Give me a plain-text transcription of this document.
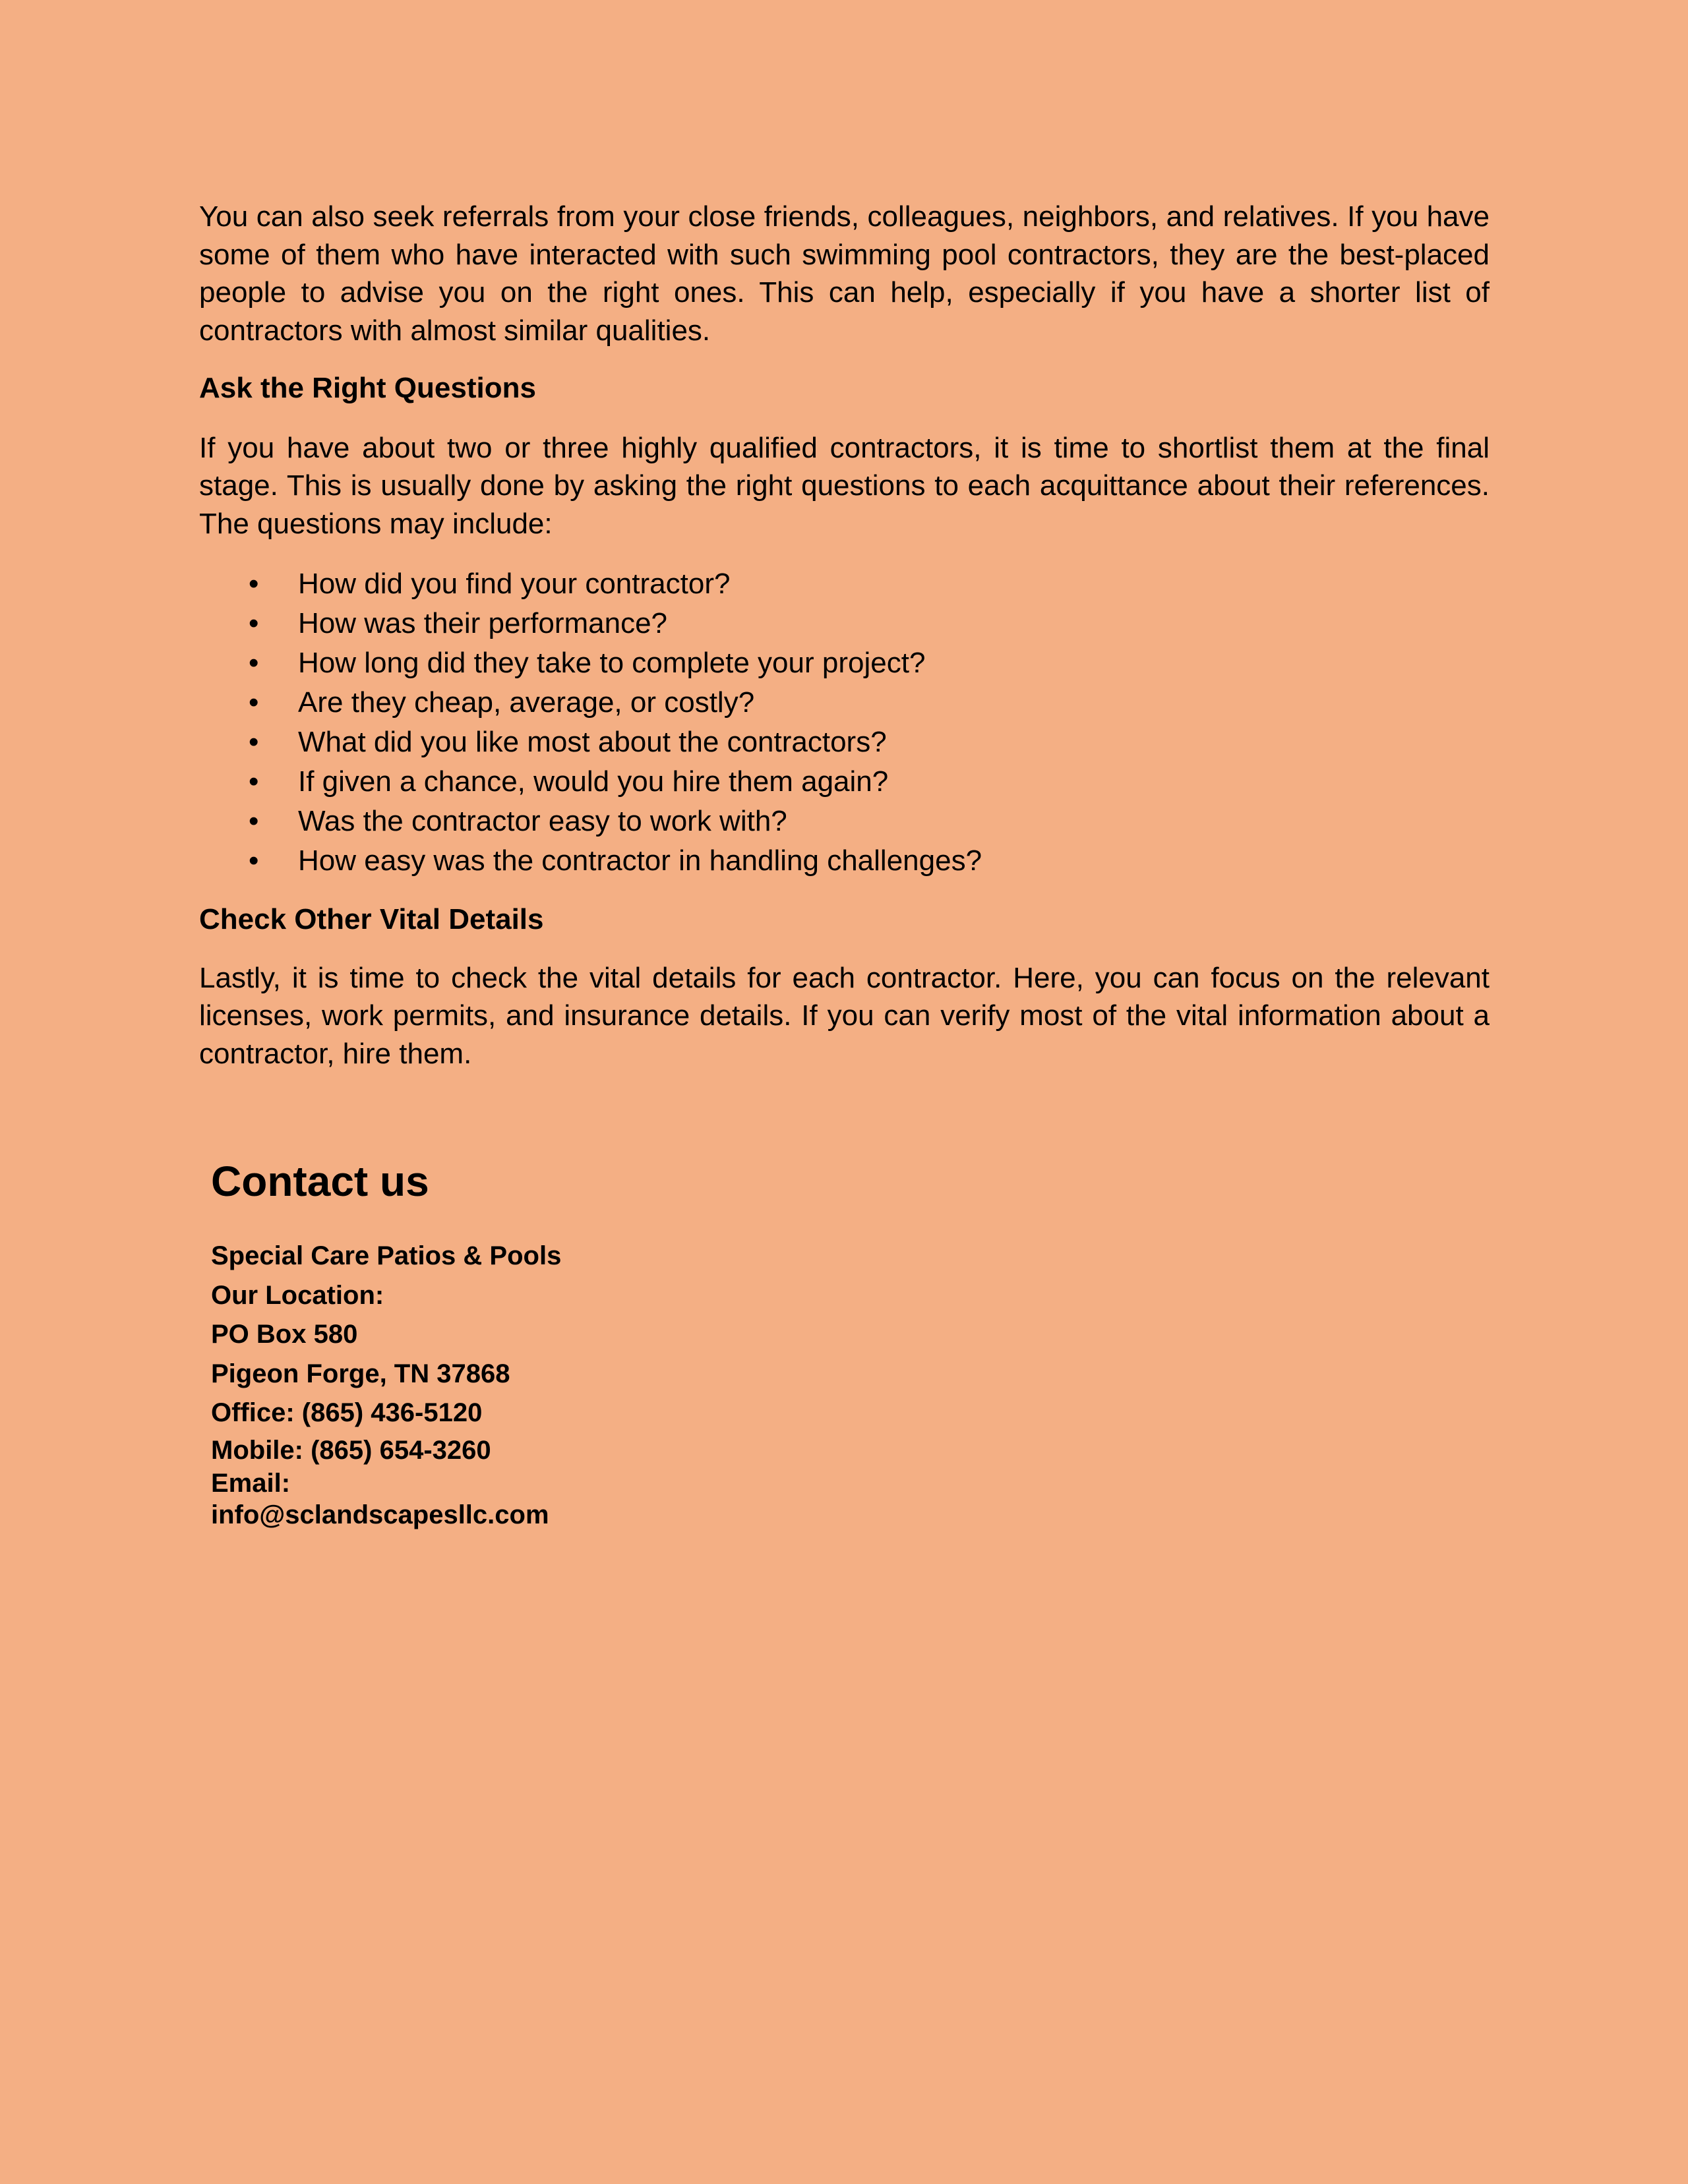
You can also seek referrals from your close friends, colleagues, neighbors, and relatives. If you have some of them who have interacted with such swimming pool contractors, they are the best-placed people to advise you on the right ones. This can help, especially if you have a shorter list of contractors with almost similar qualities.

Ask the Right Questions

If you have about two or three highly qualified contractors, it is time to shortlist them at the final stage. This is usually done by asking the right questions to each acquittance about their references. The questions may include:

• How did you find your contractor?
• How was their performance?
• How long did they take to complete your project?
• Are they cheap, average, or costly?
• What did you like most about the contractors?
• If given a chance, would you hire them again?
• Was the contractor easy to work with?
• How easy was the contractor in handling challenges?

Check Other Vital Details

Lastly, it is time to check the vital details for each contractor. Here, you can focus on the relevant licenses, work permits, and insurance details. If you can verify most of the vital information about a contractor, hire them.

Contact us

Special Care Patios & Pools

Our Location:

PO Box 580

Pigeon Forge, TN 37868

Office: (865) 436-5120

Mobile: (865) 654-3260

Email:

info@sclandscapesllc.com
